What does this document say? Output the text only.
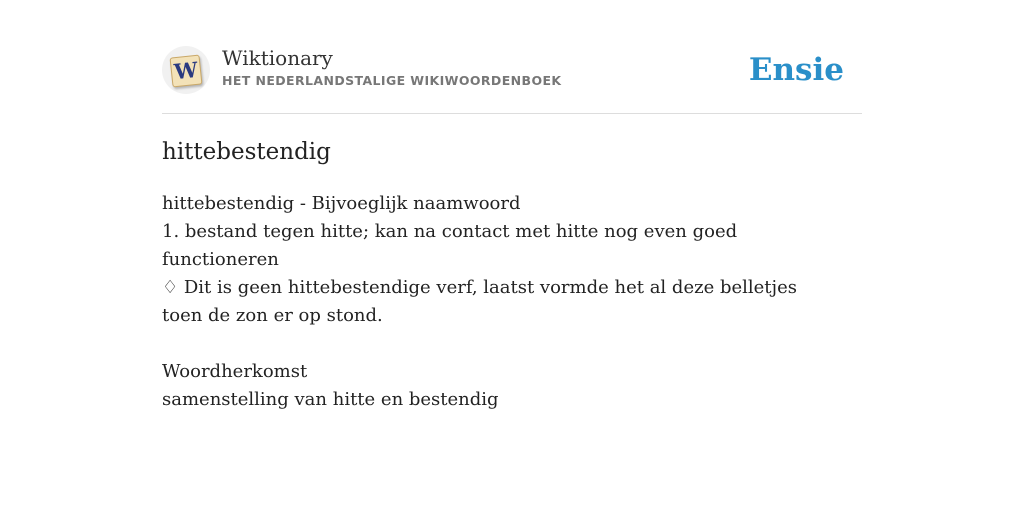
W Wiktionary
HET NEDERLANDSTALIGE WIKIWOORDENBOEK	Ensie
hittebestendig

hittebestendig - Bijvoeglijk naamwoord

1. bestand tegen hitte; kan na contact met hitte nog even goed functioneren

♢ Dit is geen hittebestendige verf, laatst vormde het al deze belletjes toen de zon er op stond.

Woordherkomst

samenstelling van hitte en bestendig
